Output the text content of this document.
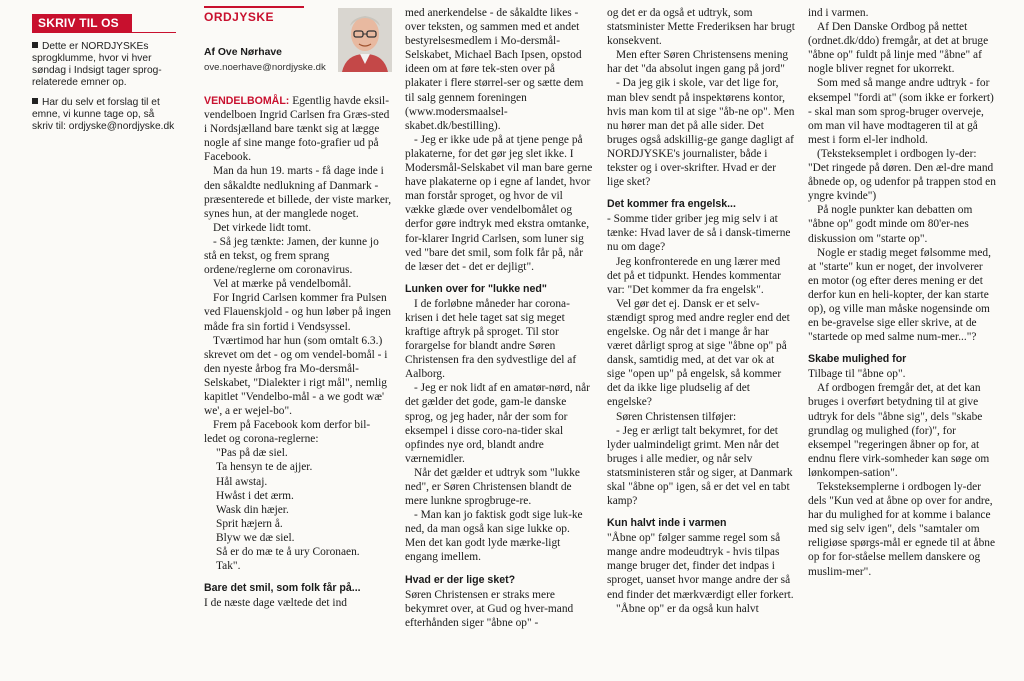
SKRIV TIL OS

Dette er NORDJYSKEs sprogklumme, hvor vi hver søndag i Indsigt tager sprog-relaterede emner op.

Har du selv et forslag til et emne, vi kunne tage op, så skriv til: ordjyske@nordjyske.dk

ORDJYSKE
Af Ove Nørhave
ove.noerhave@nordjyske.dk

VENDELBOMÅL: Egentlig havde eksil-vendelboen Ingrid Carlsen fra Græs-sted i Nordsjælland bare tænkt sig at lægge nogle af sine mange foto-grafier ud på Facebook.

Man da hun 19. marts - få dage inde i den såkaldte nedlukning af Danmark - præsenterede et billede, der viste marker, synes hun, at der manglede noget.

Det virkede lidt tomt.

- Så jeg tænkte: Jamen, der kunne jo stå en tekst, og frem sprang ordene/reglerne om coronavirus.

Vel at mærke på vendelbomål.

For Ingrid Carlsen kommer fra Pulsen ved Flauenskjold - og hun løber på ingen måde fra sin fortid i Vendsyssel.

Tværtimod har hun (som omtalt 6.3.) skrevet om det - og om vendel-bomål - i den nyeste årbog fra Mo-dersmål-Selskabet, "Dialekter i rigt mål", nemlig kapitlet "Vendelbo-mål - a we godt wæ' we', a er wejel-bo".

Frem på Facebook kom derfor bil-ledet og corona-reglerne:

"Pas på dæ siel.

Ta hensyn te de ajjer.

Hål awstaj.

Hwåst i det ærm.

Wask din hæjer.

Sprit hæjern å.

Blyw we dæ siel.

Så er do mæ te å ury Coronaen.

Tak".

Bare det smil, som folk får på...

I de næste dage væltede det ind

med anerkendelse - de såkaldte likes - over teksten, og sammen med et andet bestyrelsesmedlem i Mo-dersmål-Selskabet, Michael Bach Ipsen, opstod ideen om at føre tek-sten over på plakater i flere størrel-ser og sætte dem til salg gennem foreningen (www.modersmaalsel-skabet.dk/bestilling).

- Jeg er ikke ude på at tjene penge på plakaterne, for det gør jeg slet ikke. I Modersmål-Selskabet vil man bare gerne have plakaterne op i egne af landet, hvor man forstår sproget, og hvor de vil vække glæde over vendelbomålet og derfor gøre indtryk med ekstra omtanke, for-klarer Ingrid Carlsen, som luner sig ved "bare det smil, som folk får på, når de læser det - det er dejligt".

Lunken over for "lukke ned"

I de forløbne måneder har corona-krisen i det hele taget sat sig meget kraftige aftryk på sproget. Til stor forargelse for blandt andre Søren Christensen fra den sydvestlige del af Aalborg.

- Jeg er nok lidt af en amatør-nørd, når det gælder det gode, gam-le danske sprog, og jeg hader, når der som for eksempel i disse coro-na-tider skal opfindes nye ord, blandt andre værnemidler.

Når det gælder et udtryk som "lukke ned", er Søren Christensen blandt de mere lunkne sprogbruge-re.

- Man kan jo faktisk godt sige luk-ke ned, da man også kan sige lukke op. Men det kan godt lyde mærke-ligt engang imellem.

Hvad er der lige sket?

Søren Christensen er straks mere bekymret over, at Gud og hver-mand efterhånden siger "åbne op" -

og det er da også et udtryk, som statsminister Mette Frederiksen har brugt konsekvent.

Men efter Søren Christensens mening har det "da absolut ingen gang på jord"

- Da jeg gik i skole, var det lige for, man blev sendt på inspektørens kontor, hvis man kom til at sige "åb-ne op". Men nu hører man det på alle sider. Det bruges også adskillig-ge gange dagligt af NORDJYSKE's journalister, både i tekster og i over-skrifter. Hvad er der lige sket?

Det kommer fra engelsk...

- Somme tider griber jeg mig selv i at tænke: Hvad laver de så i dansk-timerne nu om dage?

Jeg konfronterede en ung lærer med det på et tidpunkt. Hendes kommentar var: "Det kommer da fra engelsk".

Vel gør det ej. Dansk er et selv-stændigt sprog med andre regler end det engelske. Og når det i mange år har været dårligt sprog at sige "åbne op" på dansk, samtidig med, at det var ok at sige "open up" på engelsk, så kommer det da ikke lige pludselig af det engelske?

Søren Christensen tilføjer:

- Jeg er ærligt talt bekymret, for det lyder ualmindeligt grimt. Men når det bruges i alle medier, og når selv statsministeren står og siger, at Danmark skal "åbne op" igen, så er det vel en tabt kamp?

Kun halvt inde i varmen

"Åbne op" følger samme regel som så mange andre modeudtryk - hvis tilpas mange bruger det, finder det indpas i sproget, uanset hvor mange andre der så end finder det mærkværdigt eller forkert.

"Åbne op" er da også kun halvt

ind i varmen.

Af Den Danske Ordbog på nettet (ordnet.dk/ddo) fremgår, at det at bruge "åbne op" fuldt på linje med "åbne" af nogle bliver regnet for ukorrekt.

Som med så mange andre udtryk - for eksempel "fordi at" (som ikke er forkert) - skal man som sprog-bruger overveje, om man vil have modtageren til at gå mest i form el-ler indhold.

(Teksteksemplet i ordbogen ly-der: "Det ringede på døren. Den æl-dre mand åbnede op, og udenfor på trappen stod en yngre kvinde")

På nogle punkter kan debatten om "åbne op" godt minde om 80'er-nes diskussion om "starte op".

Nogle er stadig meget følsomme med, at "starte" kun er noget, der involverer en motor (og efter deres mening er det derfor kun en heli-kopter, der kan starte op), og ville man måske nogensinde om en be-gravelse sige eller skrive, at de "startede op med salme num-mer..."?

Skabe mulighed for

Tilbage til "åbne op".

Af ordbogen fremgår det, at det kan bruges i overført betydning til at give udtryk for dels "åbne sig", dels "skabe grundlag og mulighed (for)", for eksempel "regeringen åbner op for, at endnu flere virk-somheder kan søge om lønkompen-sation".

Teksteksemplerne i ordbogen ly-der dels "Kun ved at åbne op over for andre, har du mulighed for at komme i balance med sig selv igen", dels "samtaler om religiøse spørgs-mål er egnede til at åbne op for for-ståelse mellem danskere og muslim-mer".
